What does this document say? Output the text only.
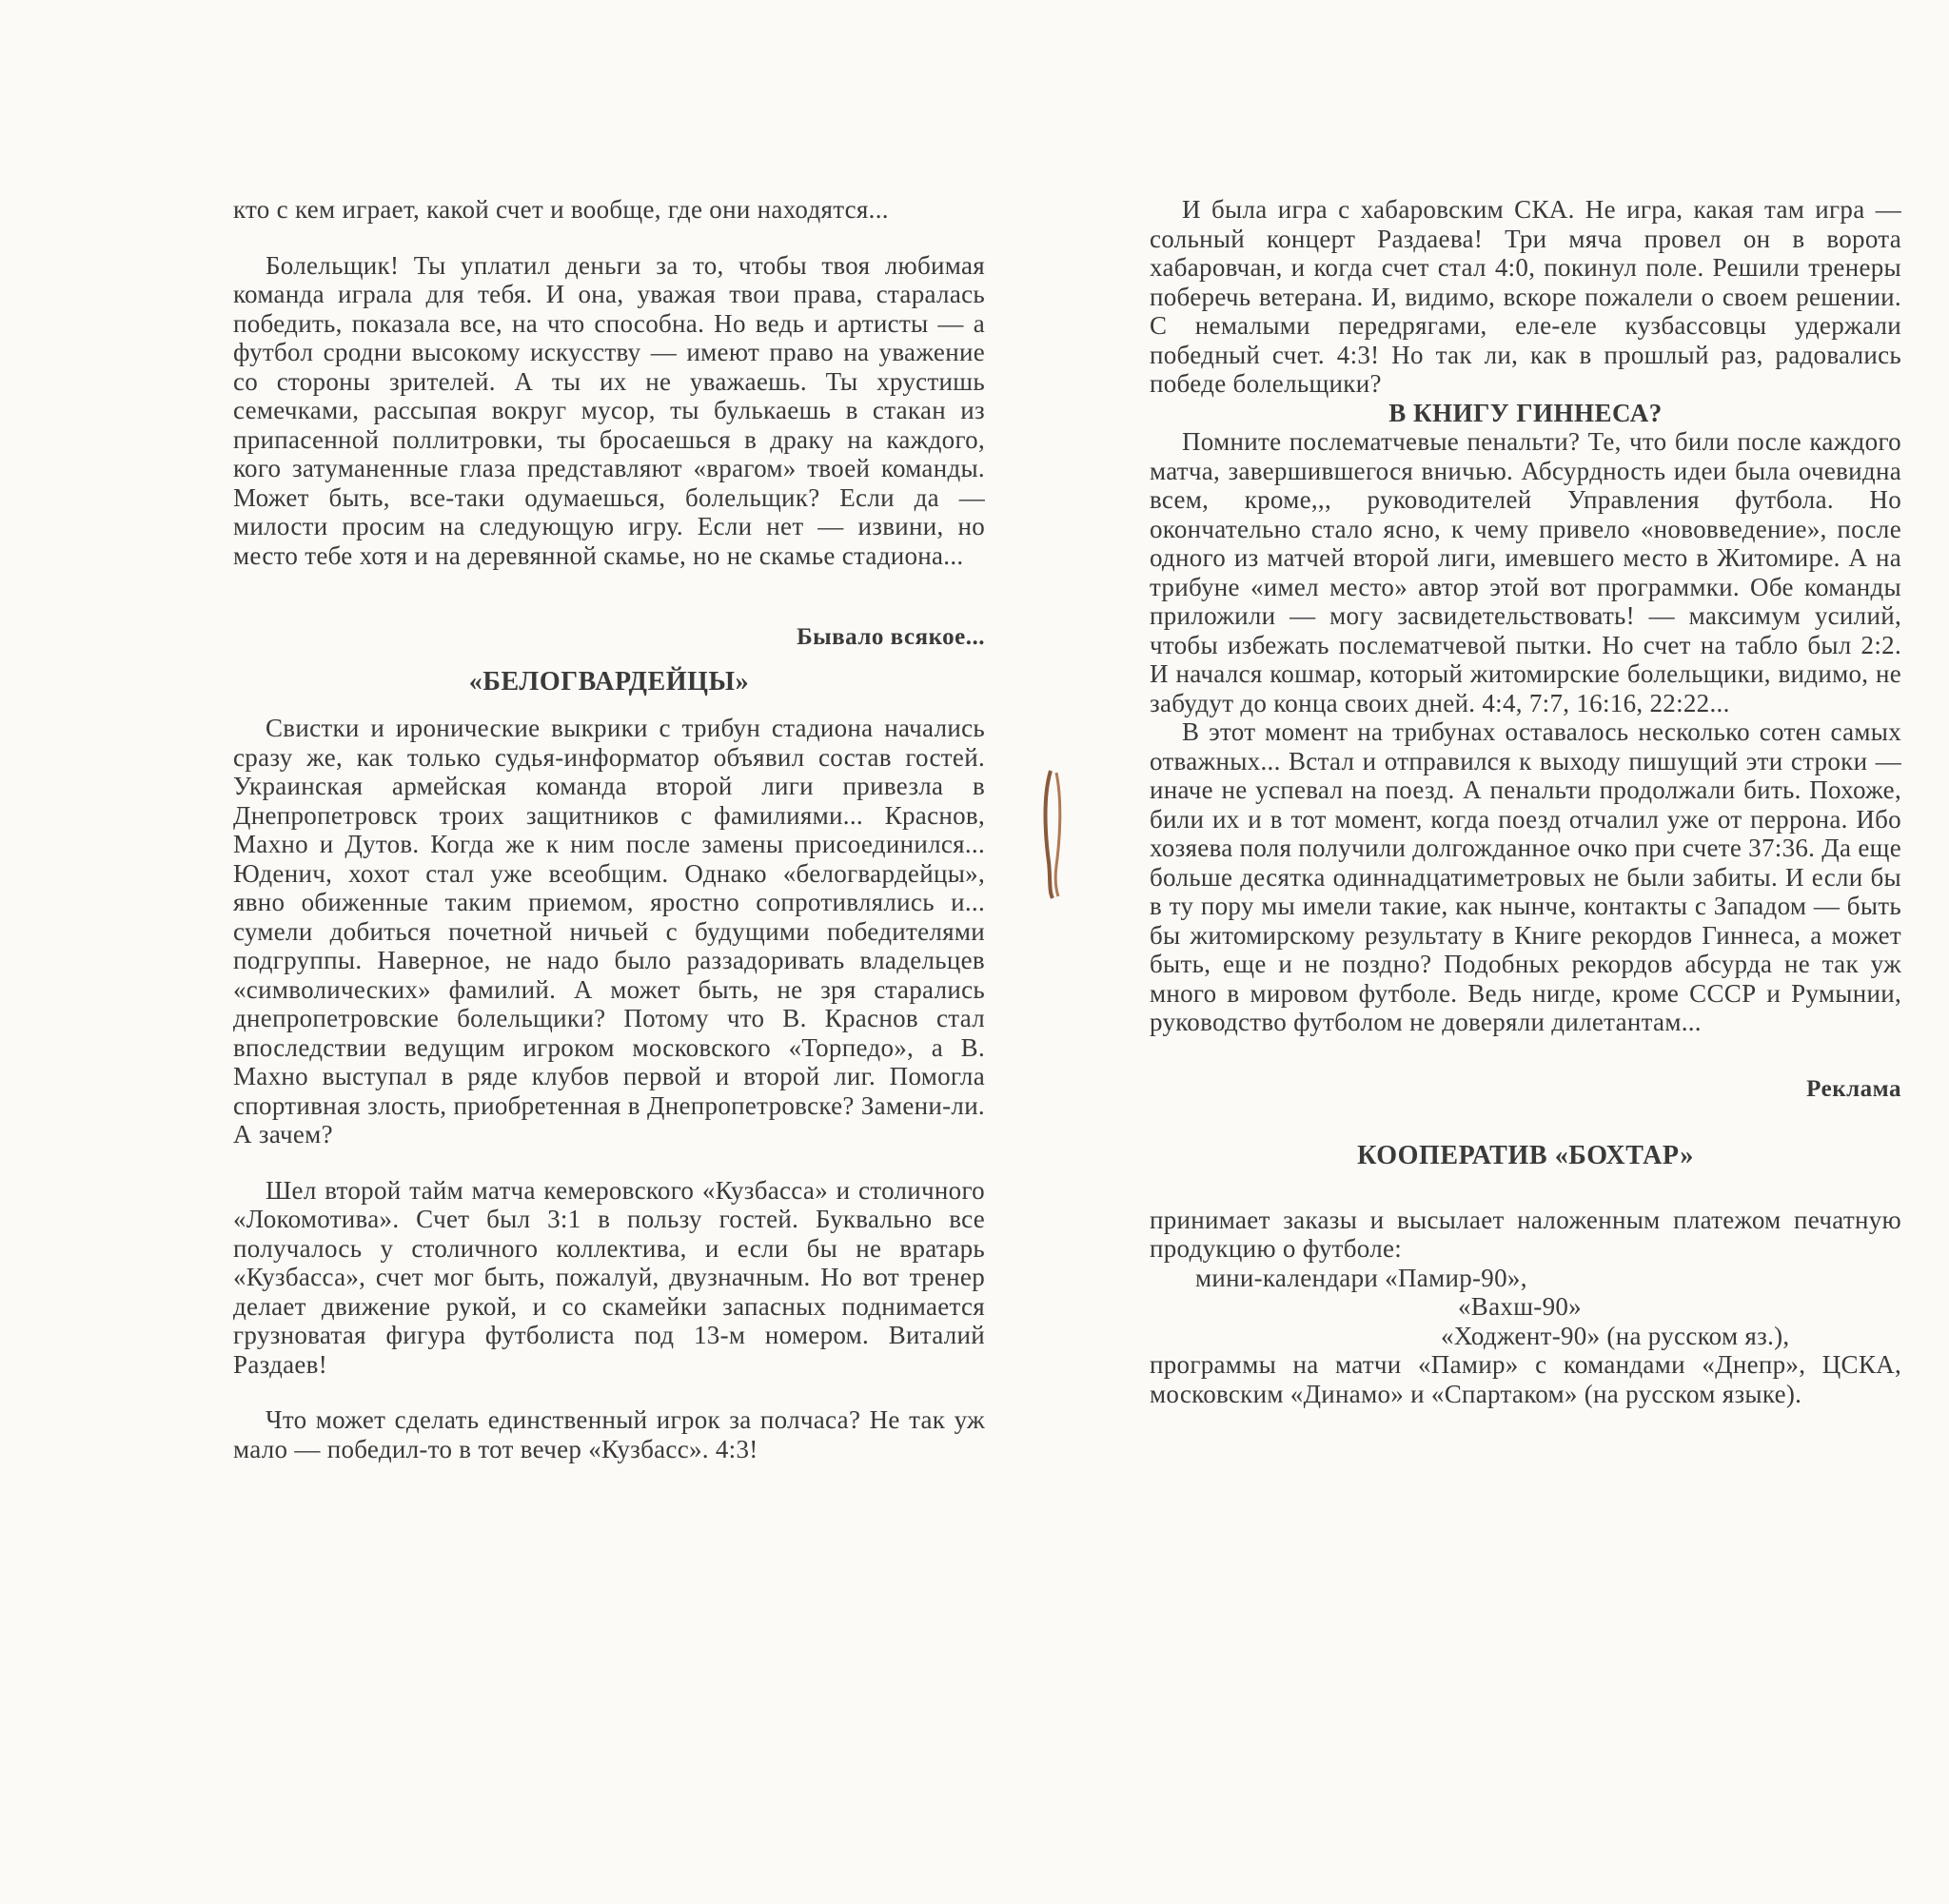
кто с кем играет, какой счет и вообще, где они находятся...

Болельщик! Ты уплатил деньги за то, чтобы твоя любимая команда играла для тебя. И она, уважая твои права, старалась победить, показала все, на что способна. Но ведь и артисты — а футбол сродни высокому искусству — имеют право на уважение со стороны зрителей. А ты их не уважаешь. Ты хрустишь семечками, рассыпая вокруг мусор, ты булькаешь в стакан из припасенной поллитровки, ты бросаешься в драку на каждого, кого затуманенные глаза представляют «врагом» твоей команды. Может быть, все-таки одумаешься, болельщик? Если да — милости просим на следующую игру. Если нет — извини, но место тебе хотя и на деревянной скамье, но не скамье стадиона...

Бывало всякое...
«БЕЛОГВАРДЕЙЦЫ»

Свистки и иронические выкрики с трибун стадиона начались сразу же, как только судья-информатор объявил состав гостей. Украинская армейская команда второй лиги привезла в Днепропетровск троих защитников с фамилиями... Краснов, Махно и Дутов. Когда же к ним после замены присоединился... Юденич, хохот стал уже всеобщим. Однако «белогвардейцы», явно обиженные таким приемом, яростно сопротивлялись и... сумели добиться почетной ничьей с будущими победителями подгруппы. Наверное, не надо было раззадоривать владельцев «символических» фамилий. А может быть, не зря старались днепропетровские болельщики? Потому что В. Краснов стал впоследствии ведущим игроком московского «Торпедо», а В. Махно выступал в ряде клубов первой и второй лиг. Помогла спортивная злость, приобретенная в Днепропетровске? Замени-ли. А зачем?

Шел второй тайм матча кемеровского «Кузбасса» и столичного «Локомотива». Счет был 3:1 в пользу гостей. Буквально все получалось у столичного коллектива, и если бы не вратарь «Кузбасса», счет мог быть, пожалуй, двузначным. Но вот тренер делает движение рукой, и со скамейки запасных поднимается грузноватая фигура футболиста под 13-м номером. Виталий Раздаев!

Что может сделать единственный игрок за полчаса? Не так уж мало — победил-то в тот вечер «Кузбасс». 4:3!

И была игра с хабаровским СКА. Не игра, какая там игра — сольный концерт Раздаева! Три мяча провел он в ворота хабаровчан, и когда счет стал 4:0, покинул поле. Решили тренеры поберечь ветерана. И, видимо, вскоре пожалели о своем решении. С немалыми передрягами, еле-еле кузбассовцы удержали победный счет. 4:3! Но так ли, как в прошлый раз, радовались победе болельщики?

В КНИГУ ГИННЕСА?

Помните послематчевые пенальти? Те, что били после каждого матча, завершившегося вничью. Абсурдность идеи была очевидна всем, кроме,,, руководителей Управления футбола. Но окончательно стало ясно, к чему привело «нововведение», после одного из матчей второй лиги, имевшего место в Житомире. А на трибуне «имел место» автор этой вот программки. Обе команды приложили — могу засвидетельствовать! — максимум усилий, чтобы избежать послематчевой пытки. Но счет на табло был 2:2. И начался кошмар, который житомирские болельщики, видимо, не забудут до конца своих дней. 4:4, 7:7, 16:16, 22:22...

В этот момент на трибунах оставалось несколько сотен самых отважных... Встал и отправился к выходу пишущий эти строки — иначе не успевал на поезд. А пенальти продолжали бить. Похоже, били их и в тот момент, когда поезд отчалил уже от перрона. Ибо хозяева поля получили долгожданное очко при счете 37:36. Да еще больше десятка одиннадцатиметровых не были забиты. И если бы в ту пору мы имели такие, как нынче, контакты с Западом — быть бы житомирскому результату в Книге рекордов Гиннеса, а может быть, еще и не поздно? Подобных рекордов абсурда не так уж много в мировом футболе. Ведь нигде, кроме СССР и Румынии, руководство футболом не доверяли дилетантам...

Реклама
КООПЕРАТИВ «БОХТАР»

принимает заказы и высылает наложенным платежом печатную продукцию о футболе:

мини-календари «Памир-90»,
«Вахш-90»
«Ходжент-90» (на русском яз.),

программы на матчи «Памир» с командами «Днепр», ЦСКА, московским «Динамо» и «Спартаком» (на русском языке).
